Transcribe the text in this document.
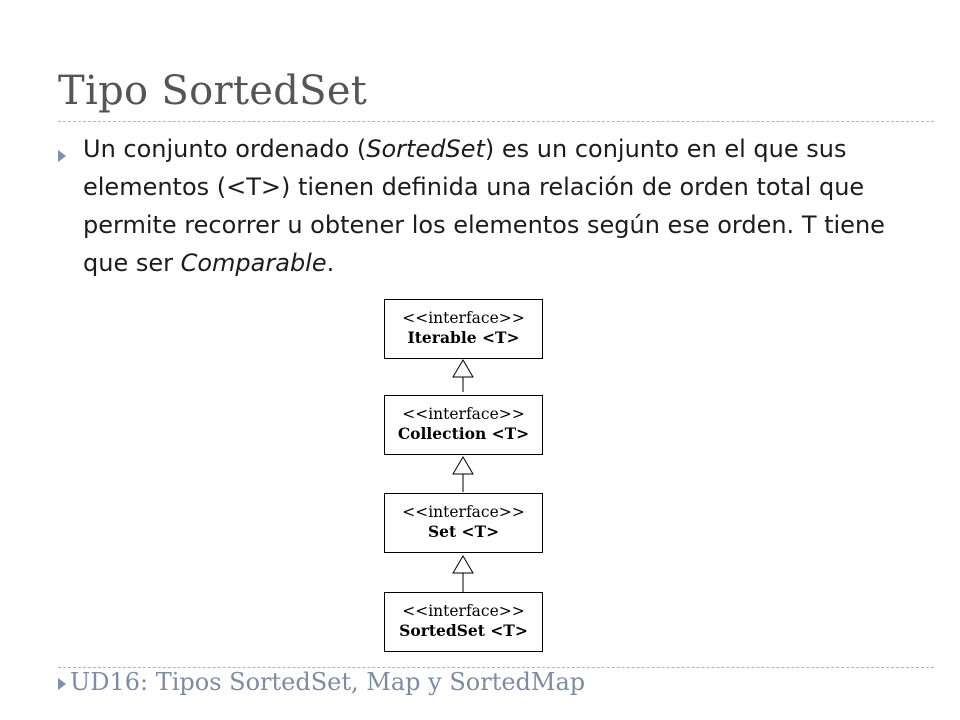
Tipo SortedSet

Un conjunto ordenado (SortedSet) es un conjunto en el que sus elementos (<T>) tienen definida una relación de orden total que permite recorrer u obtener los elementos según ese orden. T tiene que ser Comparable.

<<interface>>
Iterable <T>
<<interface>>
Collection <T>
<<interface>>
Set <T>
<<interface>>
SortedSet <T>

UD16: Tipos SortedSet, Map y SortedMap
